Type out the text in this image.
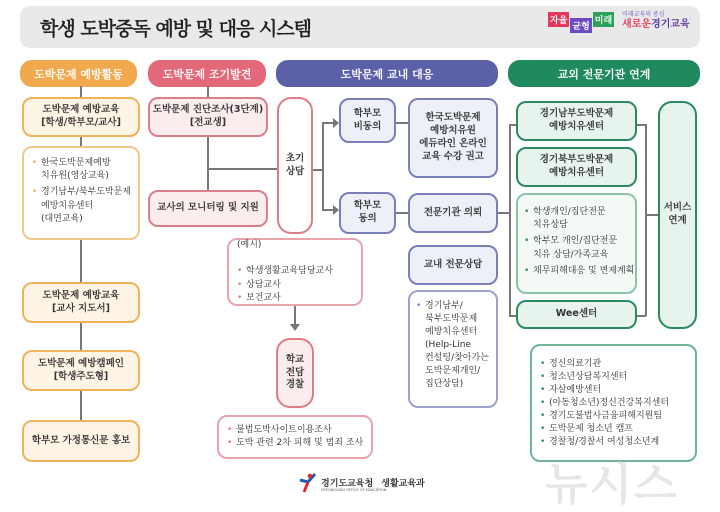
학생 도박중독 예방 및 대응 시스템	자율균형미래
미래교육의 중심
새로운경기교육
도박문제 예방활동	도박문제 조기발견	도박문제 교내 대응	교외 전문기관 연계
도박문제 예방교육
[학생/학부모/교사]
• 한국도박문제예방
치유원(영상교육)
• 경기남부/북부도박문제
예방치유센터
(대면교육)
도박문제 예방교육
[교사 지도서]
도박문제 예방캠페인
[학생주도형]
학부모 가정통신문 홍보
도박문제 진단조사(3단계)
[전교생]
교사의 모니터링 및 지원

(예시)

• 학생생활교육담당교사
• 상담교사
• 보건교사

학교
전담
경찰
• 불법도박사이트이용조사
• 도박 관련 2차 피해 및 범죄 조사
초기
상담
학부모
비동의
한국도박문제
예방치유원
에듀라인 온라인
교육 수강 권고
학부모
동의
전문기관 의뢰
교내 전문상담
• 경기남부/
북부도박문제
예방치유센터
(Help-Line
컨설팅/찾아가는
도박문제개인/
집단상담)
경기남부도박문제
예방치유센터
경기북부도박문제
예방치유센터
• 학생개인/집단전문
치유상담
• 학부모 개인/집단전문
치유 상담/가족교육
• 채무피해대응 및 변제계획
Wee센터
서비스
연계
• 정신의료기관
• 청소년상담복지센터
• 자살예방센터
• (아동청소년)정신건강복지센터
• 경기도불법사금융피해지원팀
• 도박문제 청소년 캠프
• 경찰청/경찰서 여성청소년계
경기도교육청 생활교육과
GYEONGGIDO OFFICE OF EDUCATION	뉴시스
